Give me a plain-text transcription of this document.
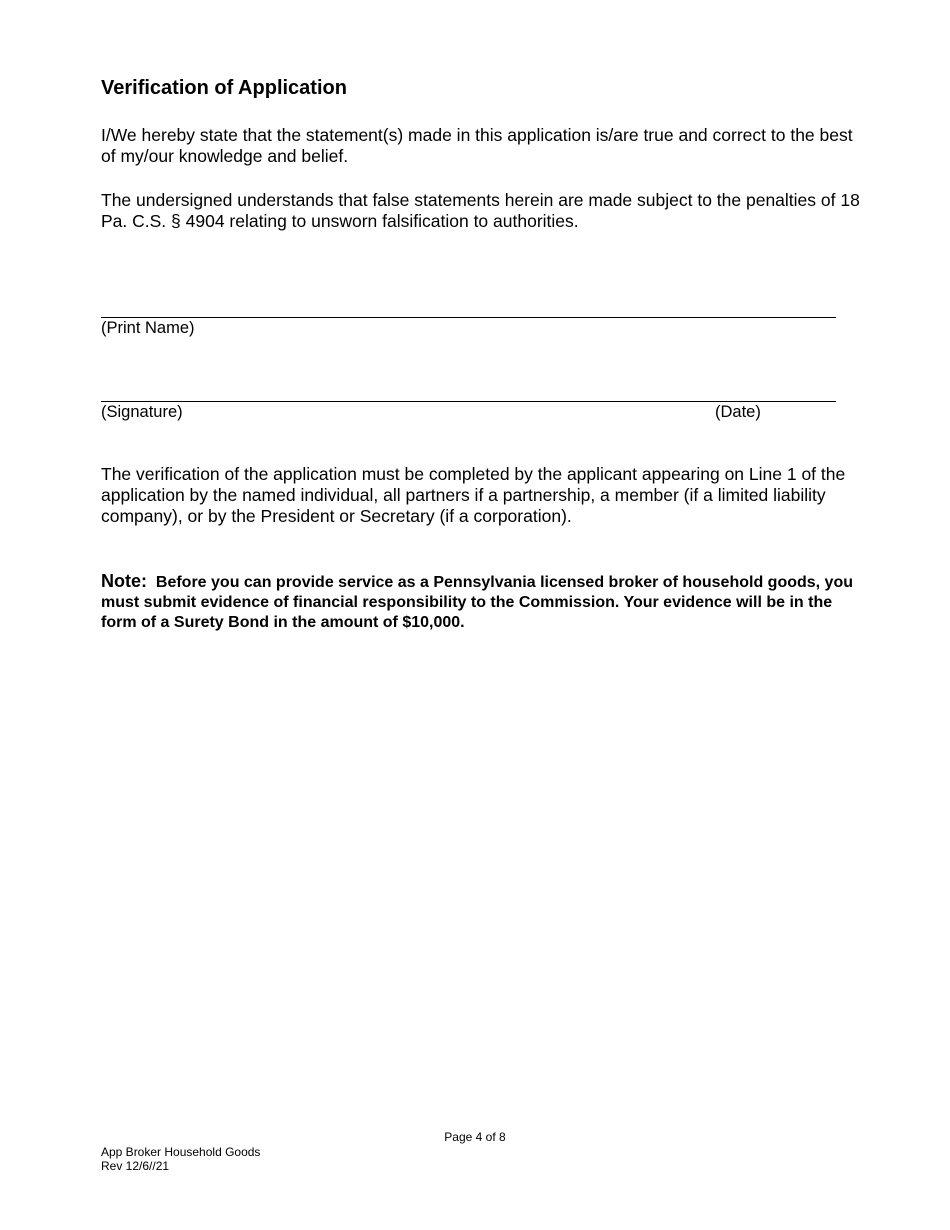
Verification of Application

I/We hereby state that the statement(s) made in this application is/are true and correct to the best of my/our knowledge and belief.

The undersigned understands that false statements herein are made subject to the penalties of 18 Pa. C.S. § 4904 relating to unsworn falsification to authorities.

(Print Name)
(Signature)	(Date)

The verification of the application must be completed by the applicant appearing on Line 1 of the application by the named individual, all partners if a partnership, a member (if a limited liability company), or by the President or Secretary (if a corporation).

Note: Before you can provide service as a Pennsylvania licensed broker of household goods, you must submit evidence of financial responsibility to the Commission. Your evidence will be in the form of a Surety Bond in the amount of $10,000.

Page 4 of 8
App Broker Household Goods
Rev 12/6//21
